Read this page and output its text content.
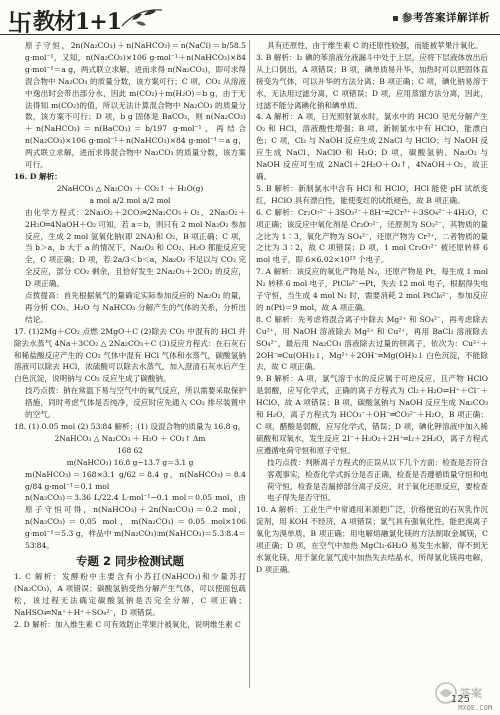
卐 教材1+1	参考答案详解详析

原子守恒，2n(Na₂CO₃)＋n(NaHCO₃)＝n(NaCl)＝b/58.5 g·mol⁻¹，又知，n(Na₂CO₃)×106 g·mol⁻¹＋n(NaHCO₃)×84 g·mol⁻¹＝a g，两式联立求解，进而求得 n(Na₂CO₃)，即可求得混合物中 Na₂CO₃ 的质量分数，该方案可行；C 项，CO₂ 从溶液中逸出时会带出部分水，因此 m(CO₂)＋m(H₂O)＝b g，由于无法得知 m(CO₂)的值，所以无法计算混合物中 Na₂CO₃ 的质量分数，该方案不可行；D 项，b g 固体是 BaCO₃，则 n(Na₂CO₃)＋n(NaHCO₃)＝n(BaCO₃)＝b/197 g·mol⁻¹，再结合 n(Na₂CO₃)×106 g·mol⁻¹＋n(NaHCO₃)×84 g·mol⁻¹＝a g，两式联立求解，进而求得混合物中 Na₂CO₃ 的质量分数，该方案可行。

16. D 解析：

2NaHCO₃ △ Na₂CO₃ ＋ CO₂↑ ＋ H₂O(g)

a mol a/2 mol a/2 mol

由化学方程式：2Na₂O₂＋2CO₂═2Na₂CO₃＋O₂、2Na₂O₂＋2H₂O═4NaOH＋O₂ 可知，若 a＝b，则只有 2 mol Na₂O₂ 参加反应，生成 2 mol 氢氧化钠(即 2NA)和 O₂，B 项正确；C 项，当 b＞a，b 大于 a 的情况下，Na₂O₂ 和 CO₂、H₂O 都能反应完全，C 项正确；D 项，若 2a/3＜b＜a，Na₂O₂ 不足以与 CO₂ 完全反应，部分 CO₂ 剩余，且恰好发生 2Na₂O₂＋2CO₂ 的反应，D 项正确。

点拨提高：首先根据氧气的量确定实际参加反应的 Na₂O₂ 的量，再分析 CO₂、H₂O 与 NaHCO₃ 分解产生的气体的关系，分析出结论。

17. (1)2Mg＋CO₂ 点燃 2MgO＋C (2)除去 CO₂ 中混有的 HCl 并除去水蒸气 4Na＋3CO₂ △ 2Na₂CO₃＋C (3)反应方程式：在石灰石和稀盐酸反应产生的 CO₂ 气体中混有 HCl 气体和水蒸气，碳酸氢钠溶液可以除去 HCl，浓硫酸可以除去水蒸气，加入澄清石灰水后产生白色沉淀，说明钠与 CO₂ 反应生成了碳酸钠。

技巧点拨：钠在常温下易与空气中的氧气反应，所以需要采取保护措施，同时考虑气体是否纯净，反应时应先通入 CO₂ 排尽装置中的空气。

18. (1) 0.05 mol (2) 53∶84 解析：(1) 设混合物的质量为 16.8 g，

2NaHCO₃ △ Na₂CO₃ ＋ H₂O ＋ CO₂↑ Δm

168 62

m(NaHCO₃) 16.8 g−13.7 g＝3.1 g

m(NaHCO₃)＝168×3.1 g/62＝8.4 g，n(NaHCO₃)＝8.4 g/84 g·mol⁻¹＝0.1 mol

n(Na₂CO₃)＝3.36 L/22.4 L·mol⁻¹−0.1 mol＝0.05 mol，由原子守恒可得，n(NaHCO₃)＋2n(Na₂CO₃)＝0.2 mol，n(Na₂CO₃)＝0.05 mol，m(Na₂CO₃)＝0.05 mol×106 g·mol⁻¹＝5.3 g，样品中 m(Na₂CO₃)∶m(NaHCO₃)＝5.3∶8.4＝53∶84。

专题 2 同步检测试题

1. C 解析：发酵粉中主要含有小苏打(NaHCO₃)和少量苏打(Na₂CO₃)，A 项错误；碳酸氢钠受热分解产生气体，可以使面包疏松，该过程无法确定碳酸氢钠是否完全分解，C 项正确；NaHSO₄═Na⁺＋H⁺＋SO₄²⁻，D 项错误。

2. D 解析：加入维生素 C 可有效防止苹果汁被氧化，说明维生素 C

具有还原性，由于维生素 C 的还原性较强，而能被苹果汁氧化。

3. B 解析：I₂ 碘的苯溶液分液漏斗中处于上层，应将下层液体放出后从上口倒出，A 项错误；B 项，碘单质易升华，加热时可以把固体直接变为气体，可以升华的方法分离；B 项正确；C 项，碘化钠易溶于水，无法用过滤分离，C 项错误；D 项，应用蒸馏方法分离，因此，过滤不能分离碘化钠和碘单质。

4. A 解析：A 项，日光照射氯水时，氯水中的 HClO 见光分解产生 O₂ 和 HCl，溶液酸性增强；B 项，新制氯水中有 HClO，能漂白色；C 项，Cl₂ 与 NaOH 反应生成 2NaCl 与 HClO；与 NaOH 反应生成 NaCl、NaClO 和 H₂O；D 项，碳酸氢钠、Na₂O₂ 与 NaOH 反应可生成 2NaCl＋2H₂O＋O₂↑，4NaOH＋O₂，故正确。

5. B 解析：新制氯水中含有 HCl 和 HClO，HCl 能使 pH 试纸变红，HClO 具有漂白性，能使变红的试纸褪色，故 B 项正确。

6. C 解析：Cr₂O₇²⁻＋3SO₃²⁻＋8H⁺═2Cr³⁺＋3SO₄²⁻＋4H₂O，C 项正确；该反应中氧化剂是 Cr₂O₇²⁻，还原剂为 SO₃²⁻，其物质的量之比为 1∶3，氧化产物为 SO₄²⁻，还原产物为 Cr³⁺，二者物质的量之比为 3∶2，故 C 项错误；D 项，1 mol Cr₂O₇²⁻ 被还原转移 6 mol 电子，即 6×6.02×10²³ 个电子。

7. A 解析：该反应的氧化产物是 N₂，还原产物是 Pt，每生成 1 mol N₂ 转移 6 mol 电子，PtCl₆²⁻→Pt，失去 12 mol 电子，根据得失电子守恒，当生成 4 mol N₂ 时，需要消耗 2 mol PtCl₆²⁻，参加反应的 n(Pt)＝9 mol，故 A 项正确。

8. C 解析：先考虑将混合离子中除去 Mg²⁺ 和 SO₄²⁻，再考虑除去 Cu²⁺，用 NaOH 溶液除去 Mg²⁺ 和 Cu²⁺，再用 BaCl₂ 溶液除去 SO₄²⁻，最后用 Na₂CO₃ 溶液除去过量的钡离子，依次为：Cu²⁺＋2OH⁻═Cu(OH)₂↓，Mg²⁺＋2OH⁻═Mg(OH)₂↓ 白色沉淀，不能除去，故 C 项正确。

9. B 解析：A 项，氯气溶于水的反应属于可逆反应，且产物 HClO 是弱酸，应写化学式，正确的离子方程式为 Cl₂＋H₂O⇌H⁺＋Cl⁻＋HClO，故 A 项错误；B 项，碳酸氢钠与 NaOH 反应生成 Na₂CO₃ 和 H₂O，离子方程式为 HCO₃⁻＋OH⁻═CO₃²⁻＋H₂O，B 项正确；C 项，醋酸是弱酸，应写化学式，错误；D 项，碘化钾溶液中加入稀硫酸和双氧水，发生反应 2I⁻＋H₂O₂＋2H⁺═I₂＋2H₂O，离子方程式应遵循电荷守恒和原子守恒。

技巧点拨：判断离子方程式的正误从以下几个方面：检查是否符合客观事实，检查化学式拆分是否正确，检查是否遵循质量守恒和电荷守恒，检查是否漏掉部分离子反应，对于氧化还原反应，要检查电子得失是否守恒。

10. A 解析：工业生产中常通用来源把广泛，价格便宜的石灰乳作沉淀剂，用 KOH 不经济，A 项错误；氯气具有强氧化性，能把溴离子氧化为溴单质，B 项正确；用电解熔融氯化镁的方法制取金属镁，C 项正确；D 项，在空气中加热 MgCl₂·6H₂O 易发生水解，得不到无水氯化镁，用于氯化氢气流中加热失去结晶水，所得氯化镁再电解，D 项正确。

125
答案
MXQE.COM
